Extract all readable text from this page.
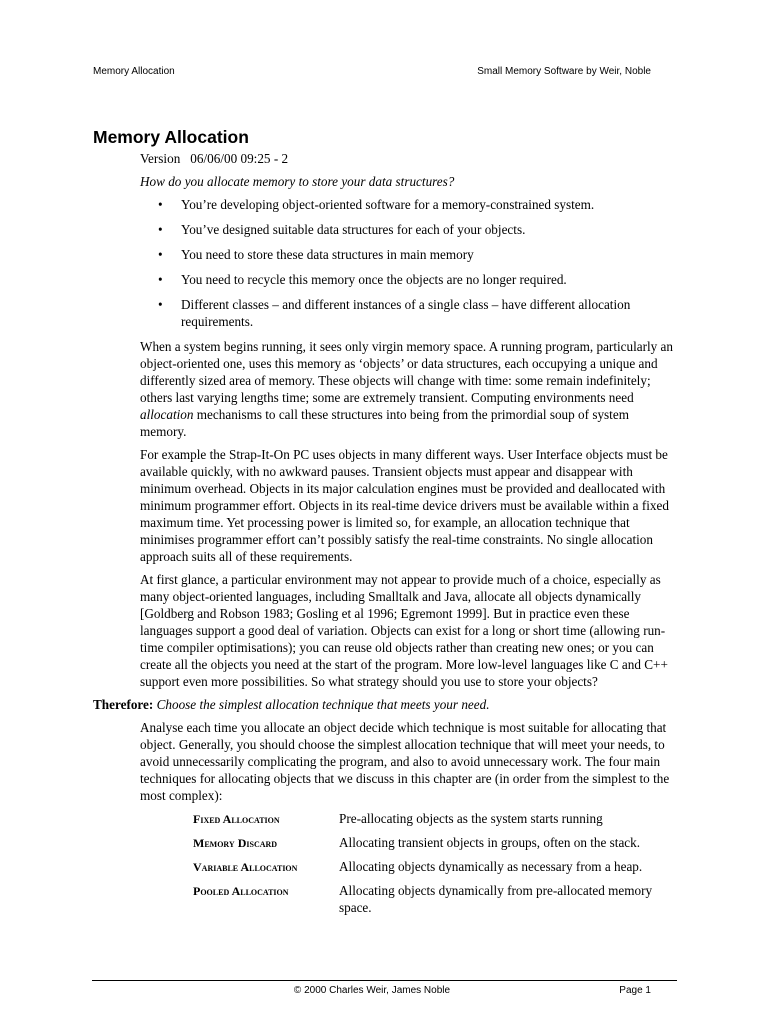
Memory Allocation	Small Memory Software by Weir, Noble
Memory Allocation

Version 06/06/00 09:25 - 2

How do you allocate memory to store your data structures?

• You’re developing object-oriented software for a memory-constrained system.
• You’ve designed suitable data structures for each of your objects.
• You need to store these data structures in main memory
• You need to recycle this memory once the objects are no longer required.
• Different classes – and different instances of a single class – have different allocation requirements.

When a system begins running, it sees only virgin memory space. A running program, particularly an object-oriented one, uses this memory as ‘objects’ or data structures, each occupying a unique and differently sized area of memory. These objects will change with time: some remain indefinitely; others last varying lengths time; some are extremely transient. Computing environments need allocation mechanisms to call these structures into being from the primordial soup of system memory.

For example the Strap-It-On PC uses objects in many different ways. User Interface objects must be available quickly, with no awkward pauses. Transient objects must appear and disappear with minimum overhead. Objects in its major calculation engines must be provided and deallocated with minimum programmer effort. Objects in its real-time device drivers must be available within a fixed maximum time. Yet processing power is limited so, for example, an allocation technique that minimises programmer effort can’t possibly satisfy the real-time constraints. No single allocation approach suits all of these requirements.

At first glance, a particular environment may not appear to provide much of a choice, especially as many object-oriented languages, including Smalltalk and Java, allocate all objects dynamically [Goldberg and Robson 1983; Gosling et al 1996; Egremont 1999]. But in practice even these languages support a good deal of variation. Objects can exist for a long or short time (allowing run-time compiler optimisations); you can reuse old objects rather than creating new ones; or you can create all the objects you need at the start of the program. More low-level languages like C and C++ support even more possibilities. So what strategy should you use to store your objects?

Therefore: Choose the simplest allocation technique that meets your need.

Analyse each time you allocate an object decide which technique is most suitable for allocating that object. Generally, you should choose the simplest allocation technique that will meet your needs, to avoid unnecessarily complicating the program, and also to avoid unnecessary work. The four main techniques for allocating objects that we discuss in this chapter are (in order from the simplest to the most complex):

Fixed Allocation	Pre-allocating objects as the system starts running
Memory Discard	Allocating transient objects in groups, often on the stack.
Variable Allocation	Allocating objects dynamically as necessary from a heap.
Pooled Allocation	Allocating objects dynamically from pre-allocated memory space.
© 2000 Charles Weir, James Noble	Page 1
